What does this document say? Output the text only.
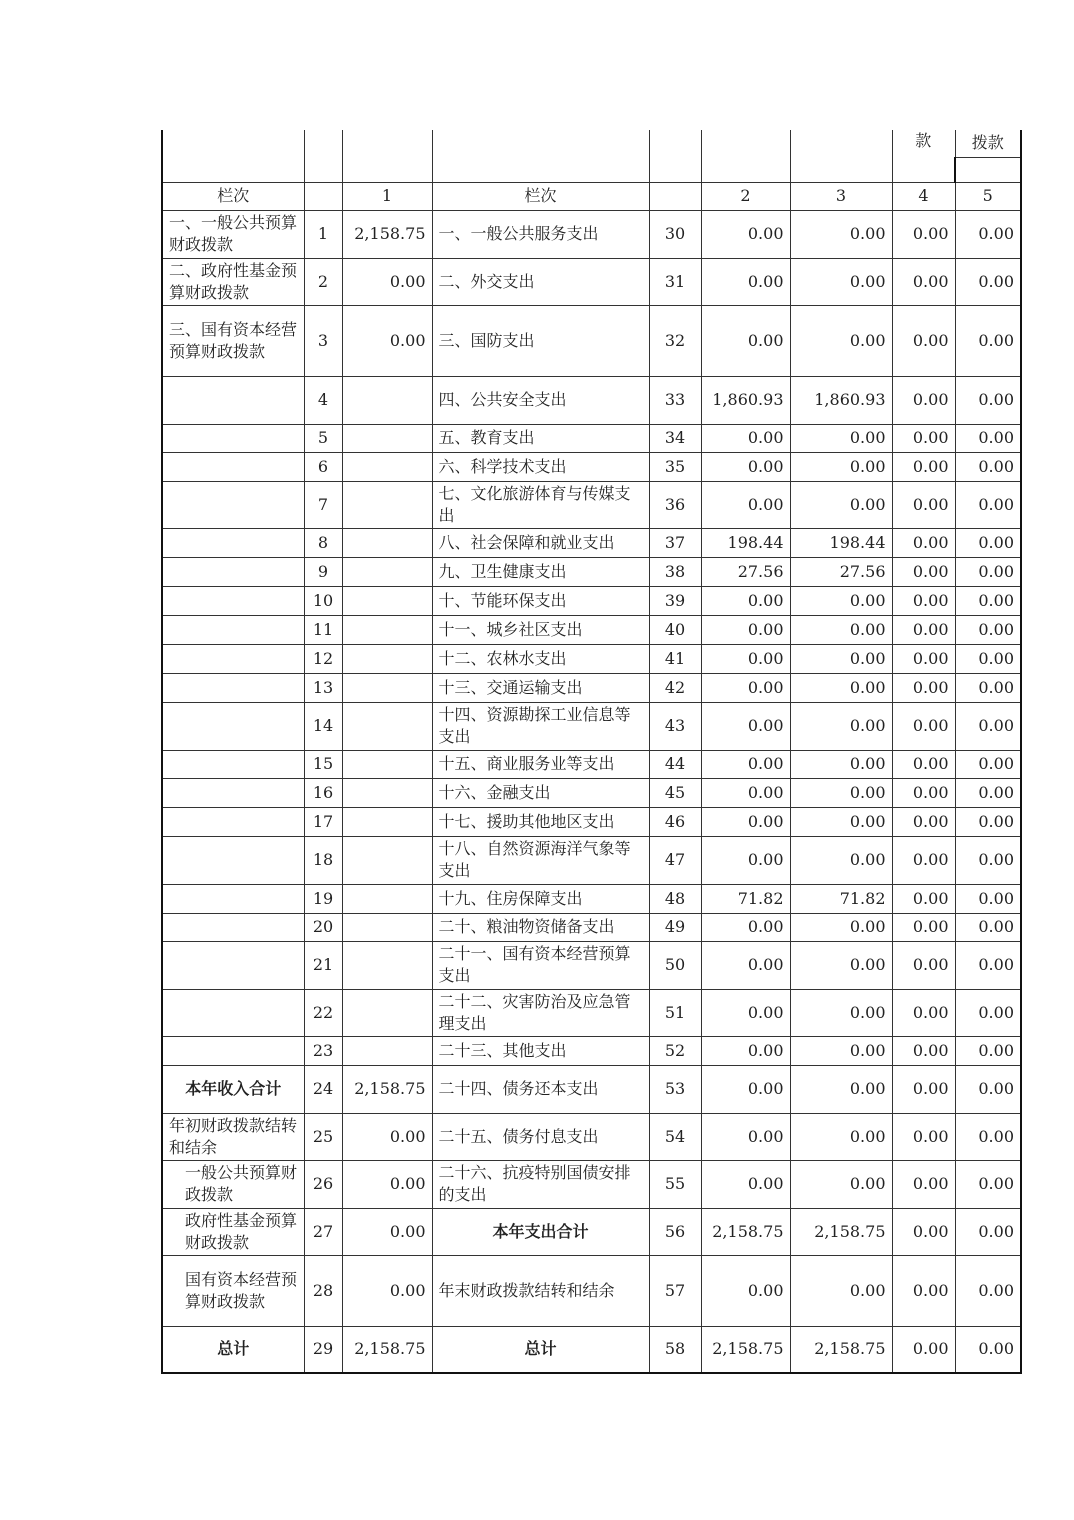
							款	拨款

栏次		1	栏次		2	3	4	5
一、一般公共预算财政拨款	1	2,158.75	一、一般公共服务支出	30	0.00	0.00	0.00	0.00
二、政府性基金预算财政拨款	2	0.00	二、外交支出	31	0.00	0.00	0.00	0.00
三、国有资本经营预算财政拨款	3	0.00	三、国防支出	32	0.00	0.00	0.00	0.00
	4		四、公共安全支出	33	1,860.93	1,860.93	0.00	0.00
	5		五、教育支出	34	0.00	0.00	0.00	0.00
	6		六、科学技术支出	35	0.00	0.00	0.00	0.00
	7		七、文化旅游体育与传媒支出	36	0.00	0.00	0.00	0.00
	8		八、社会保障和就业支出	37	198.44	198.44	0.00	0.00
	9		九、卫生健康支出	38	27.56	27.56	0.00	0.00
	10		十、节能环保支出	39	0.00	0.00	0.00	0.00
	11		十一、城乡社区支出	40	0.00	0.00	0.00	0.00
	12		十二、农林水支出	41	0.00	0.00	0.00	0.00
	13		十三、交通运输支出	42	0.00	0.00	0.00	0.00
	14		十四、资源勘探工业信息等支出	43	0.00	0.00	0.00	0.00
	15		十五、商业服务业等支出	44	0.00	0.00	0.00	0.00
	16		十六、金融支出	45	0.00	0.00	0.00	0.00
	17		十七、援助其他地区支出	46	0.00	0.00	0.00	0.00
	18		十八、自然资源海洋气象等支出	47	0.00	0.00	0.00	0.00
	19		十九、住房保障支出	48	71.82	71.82	0.00	0.00
	20		二十、粮油物资储备支出	49	0.00	0.00	0.00	0.00
	21		二十一、国有资本经营预算支出	50	0.00	0.00	0.00	0.00
	22		二十二、灾害防治及应急管理支出	51	0.00	0.00	0.00	0.00
	23		二十三、其他支出	52	0.00	0.00	0.00	0.00
本年收入合计	24	2,158.75	二十四、债务还本支出	53	0.00	0.00	0.00	0.00
年初财政拨款结转和结余	25	0.00	二十五、债务付息支出	54	0.00	0.00	0.00	0.00
一般公共预算财政拨款	26	0.00	二十六、抗疫特别国债安排的支出	55	0.00	0.00	0.00	0.00
政府性基金预算财政拨款	27	0.00	本年支出合计	56	2,158.75	2,158.75	0.00	0.00
国有资本经营预算财政拨款	28	0.00	年末财政拨款结转和结余	57	0.00	0.00	0.00	0.00
总计	29	2,158.75	总计	58	2,158.75	2,158.75	0.00	0.00
